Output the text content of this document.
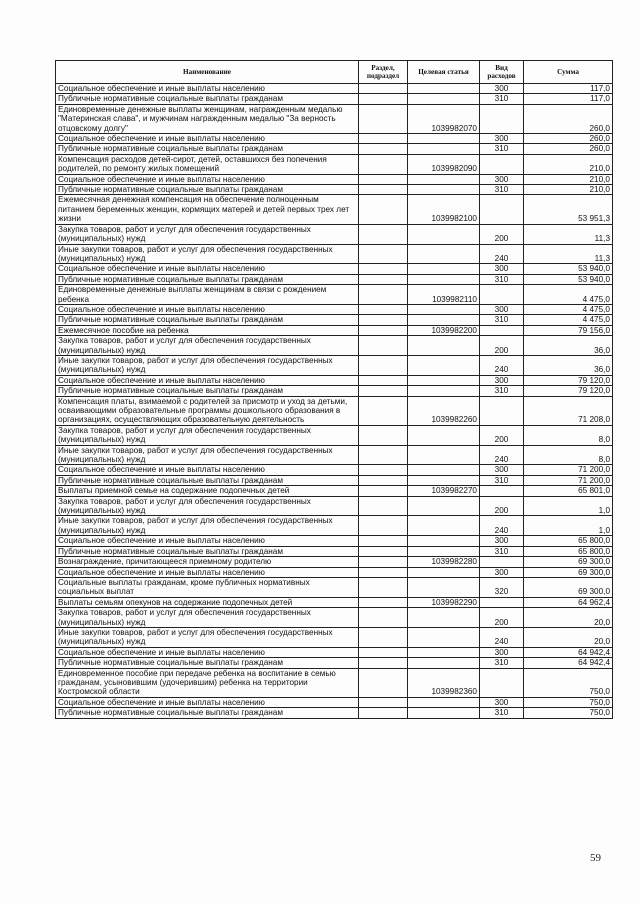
Наименование	Раздел, подраздел	Целевая статья	Вид расходов	Сумма
Социальное обеспечение и иные выплаты населению			300	117,0
Публичные нормативные социальные выплаты гражданам			310	117,0
Единовременные денежные выплаты женщинам, награжденным медалью "Материнская слава", и мужчинам награжденным медалью "За верность отцовскому долгу"		1039982070		260,0
Социальное обеспечение и иные выплаты населению			300	260,0
Публичные нормативные социальные выплаты гражданам			310	260,0
Компенсация расходов детей-сирот, детей, оставшихся без попечения родителей, по ремонту жилых помещений		1039982090		210,0
Социальное обеспечение и иные выплаты населению			300	210,0
Публичные нормативные социальные выплаты гражданам			310	210,0
Ежемесячная денежная компенсация на обеспечение полноценным питанием беременных женщин, кормящих матерей и детей первых трех лет жизни		1039982100		53 951,3
Закупка товаров, работ и услуг для обеспечения государственных (муниципальных) нужд			200	11,3
Иные закупки товаров, работ и услуг для обеспечения государственных (муниципальных) нужд			240	11,3
Социальное обеспечение и иные выплаты населению			300	53 940,0
Публичные нормативные социальные выплаты гражданам			310	53 940,0
Единовременные денежные выплаты женщинам в связи с рождением ребенка		1039982110		4 475,0
Социальное обеспечение и иные выплаты населению			300	4 475,0
Публичные нормативные социальные выплаты гражданам			310	4 475,0
Ежемесячное пособие на ребенка		1039982200		79 156,0
Закупка товаров, работ и услуг для обеспечения государственных (муниципальных) нужд			200	36,0
Иные закупки товаров, работ и услуг для обеспечения государственных (муниципальных) нужд			240	36,0
Социальное обеспечение и иные выплаты населению			300	79 120,0
Публичные нормативные социальные выплаты гражданам			310	79 120,0
Компенсация платы, взимаемой с родителей за присмотр и уход за детьми, осваивающими образовательные программы дошкольного образования в организациях, осуществляющих образовательную деятельность		1039982260		71 208,0
Закупка товаров, работ и услуг для обеспечения государственных (муниципальных) нужд			200	8,0
Иные закупки товаров, работ и услуг для обеспечения государственных (муниципальных) нужд			240	8,0
Социальное обеспечение и иные выплаты населению			300	71 200,0
Публичные нормативные социальные выплаты гражданам			310	71 200,0
Выплаты приемной семье на содержание подопечных детей		1039982270		65 801,0
Закупка товаров, работ и услуг для обеспечения государственных (муниципальных) нужд			200	1,0
Иные закупки товаров, работ и услуг для обеспечения государственных (муниципальных) нужд			240	1,0
Социальное обеспечение и иные выплаты населению			300	65 800,0
Публичные нормативные социальные выплаты гражданам			310	65 800,0
Вознаграждение, причитающееся приемному родителю		1039982280		69 300,0
Социальное обеспечение и иные выплаты населению			300	69 300,0
Социальные выплаты гражданам, кроме публичных нормативных социальных выплат			320	69 300,0
Выплаты семьям опекунов на содержание подопечных детей		1039982290		64 962,4
Закупка товаров, работ и услуг для обеспечения государственных (муниципальных) нужд			200	20,0
Иные закупки товаров, работ и услуг для обеспечения государственных (муниципальных) нужд			240	20,0
Социальное обеспечение и иные выплаты населению			300	64 942,4
Публичные нормативные социальные выплаты гражданам			310	64 942,4
Единовременное пособие при передаче ребенка на воспитание в семью гражданам, усыновившим (удочерившим) ребенка на территории Костромской области		1039982360		750,0
Социальное обеспечение и иные выплаты населению			300	750,0
Публичные нормативные социальные выплаты гражданам			310	750,0
59
